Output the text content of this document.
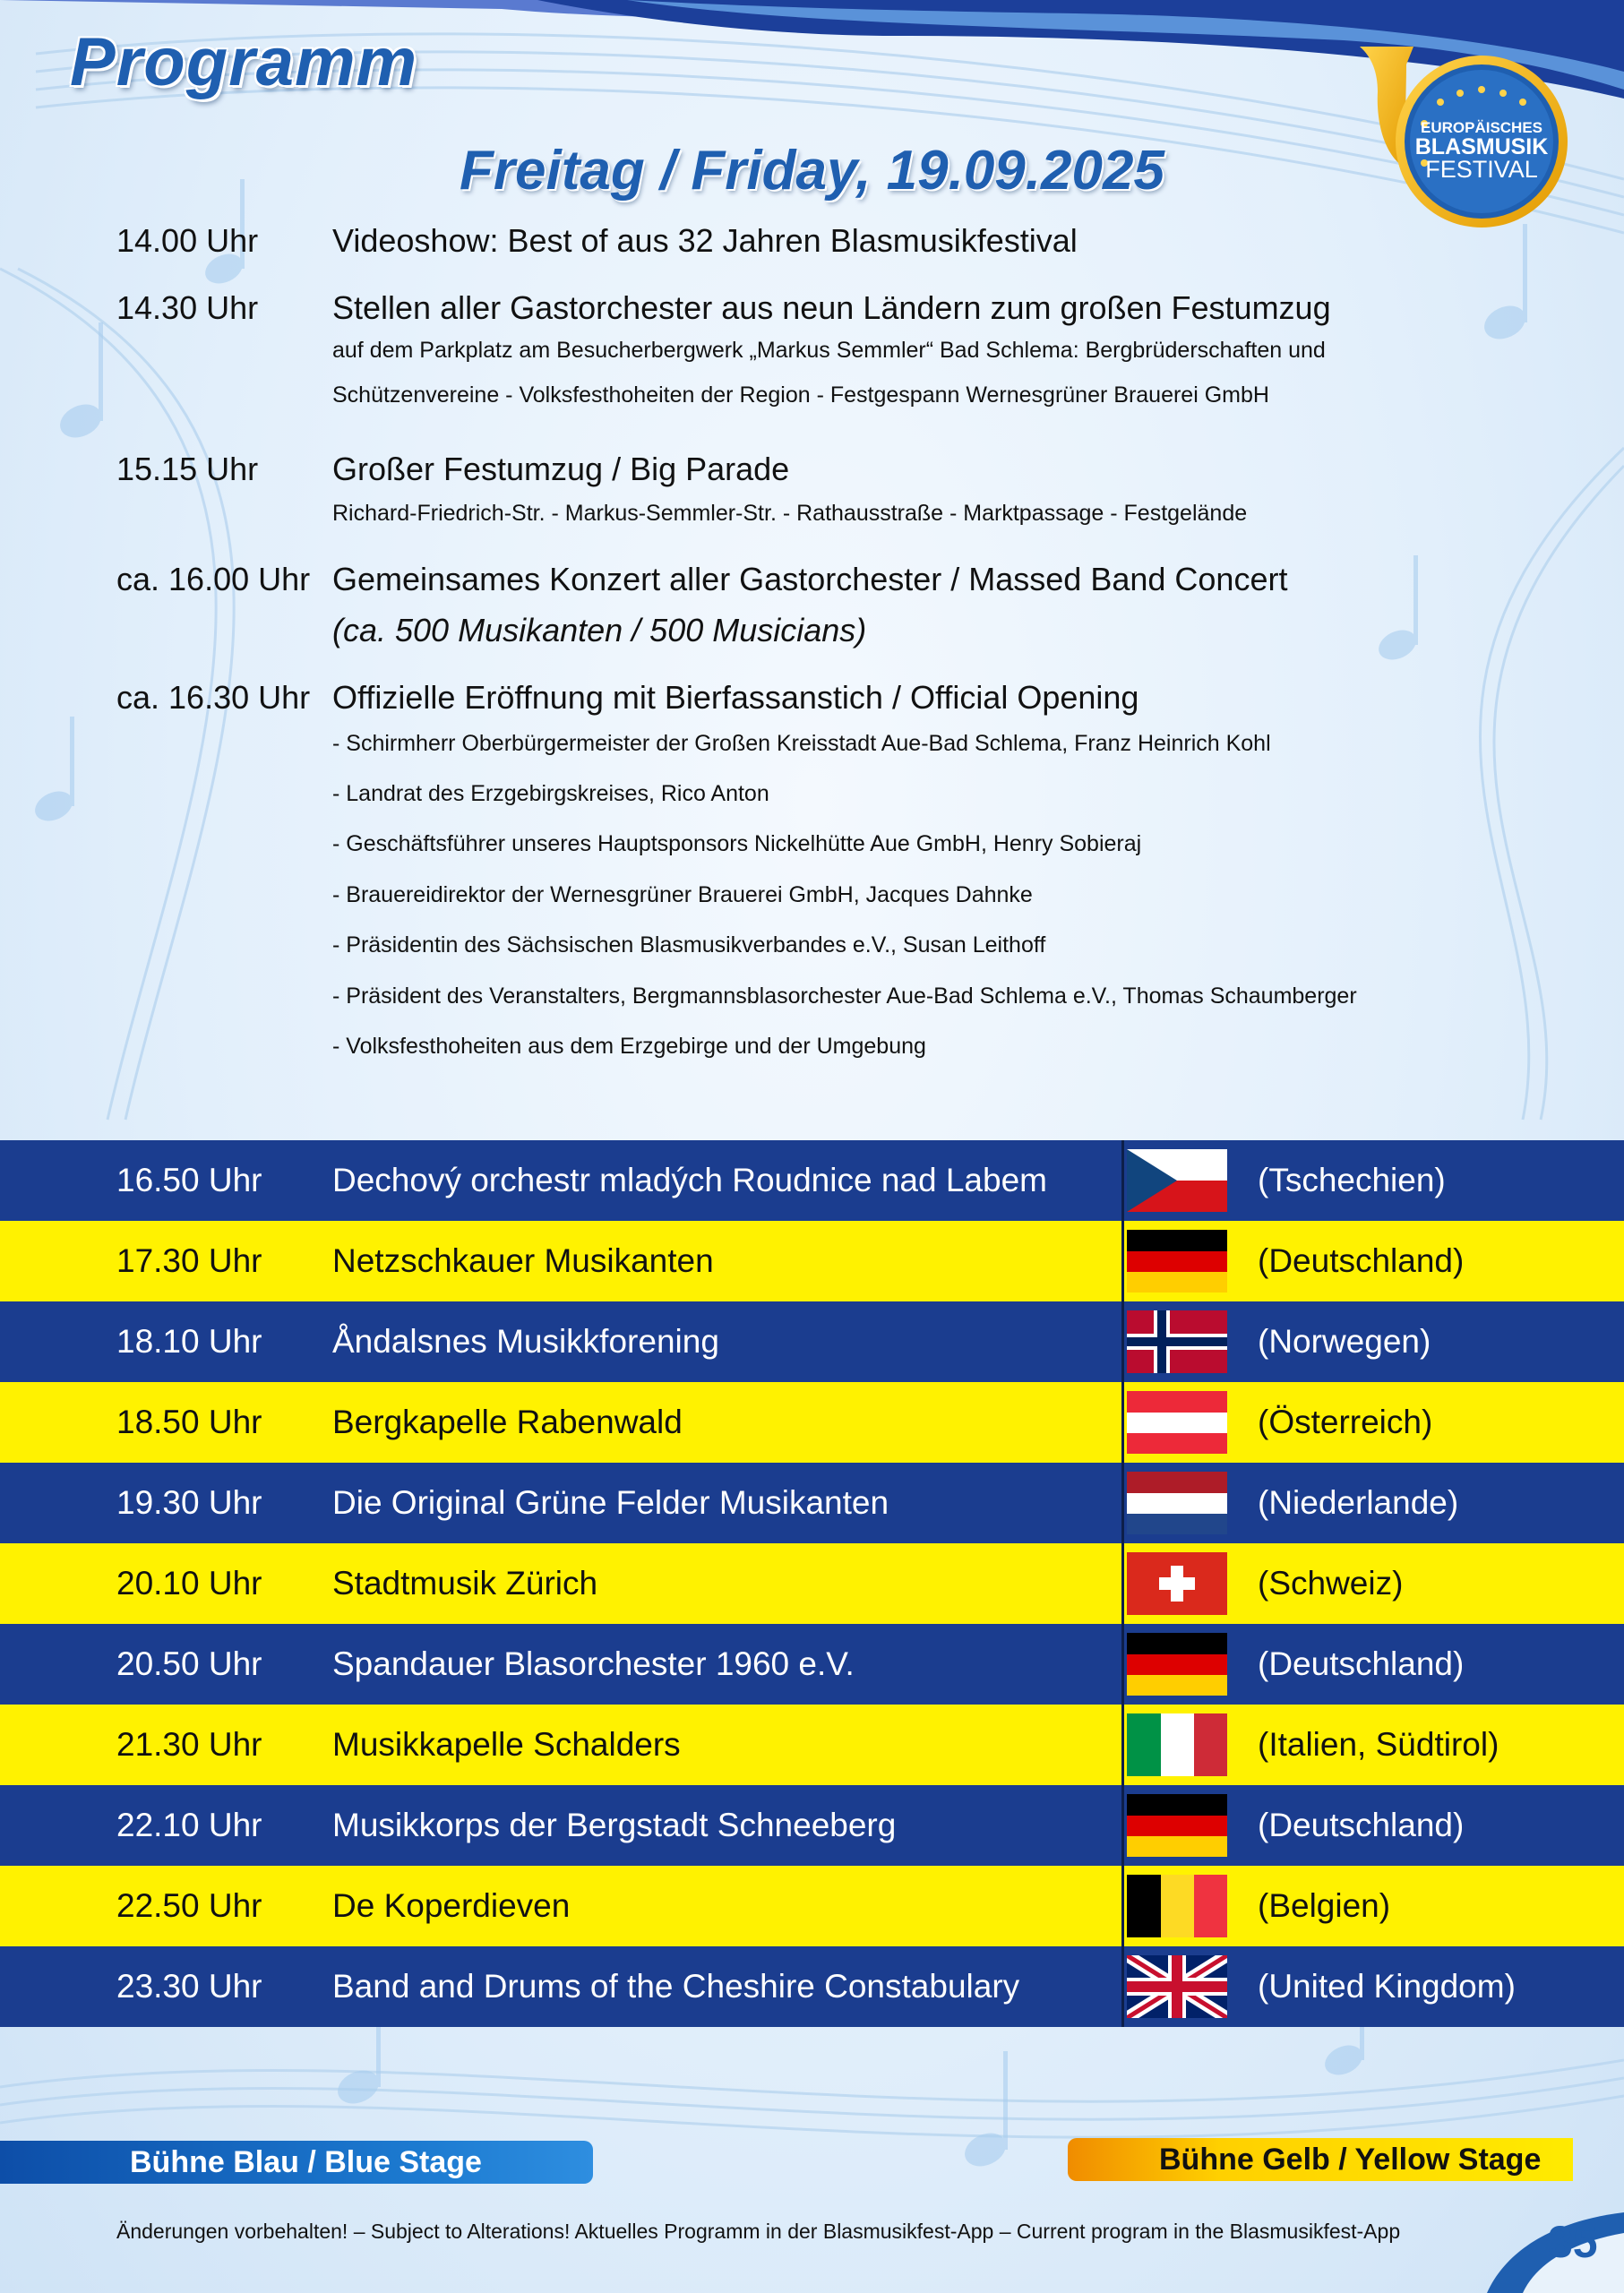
Programm
EUROPÄISCHES
BLASMUSIK
FESTIVAL
Freitag / Friday, 19.09.2025
14.00 Uhr Videoshow: Best of aus 32 Jahren Blasmusikfestival
14.30 Uhr Stellen aller Gastorchester aus neun Ländern zum großen Festumzug
auf dem Parkplatz am Besucherbergwerk „Markus Semmler“ Bad Schlema: Bergbrüderschaften und
Schützenvereine - Volksfesthoheiten der Region - Festgespann Wernesgrüner Brauerei GmbH
15.15 Uhr Großer Festumzug / Big Parade
Richard-Friedrich-Str. - Markus-Semmler-Str. - Rathausstraße - Marktpassage - Festgelände
ca. 16.00 Uhr Gemeinsames Konzert aller Gastorchester / Massed Band Concert
(ca. 500 Musikanten / 500 Musicians)
ca. 16.30 Uhr Offizielle Eröffnung mit Bierfassanstich / Official Opening
- Schirmherr Oberbürgermeister der Großen Kreisstadt Aue-Bad Schlema, Franz Heinrich Kohl
- Landrat des Erzgebirgskreises, Rico Anton
- Geschäftsführer unseres Hauptsponsors Nickelhütte Aue GmbH, Henry Sobieraj
- Brauereidirektor der Wernesgrüner Brauerei GmbH, Jacques Dahnke
- Präsidentin des Sächsischen Blasmusikverbandes e.V., Susan Leithoff
- Präsident des Veranstalters, Bergmannsblasorchester Aue-Bad Schlema e.V., Thomas Schaumberger
- Volksfesthoheiten aus dem Erzgebirge und der Umgebung
16.50 Uhr Dechový orchestr mladých Roudnice nad Labem	(Tschechien)
17.30 Uhr Netzschkauer Musikanten	(Deutschland)
18.10 Uhr Åndalsnes Musikkforening	(Norwegen)
18.50 Uhr Bergkapelle Rabenwald	(Österreich)
19.30 Uhr Die Original Grüne Felder Musikanten	(Niederlande)
20.10 Uhr Stadtmusik Zürich	(Schweiz)
20.50 Uhr Spandauer Blasorchester 1960 e.V.	(Deutschland)
21.30 Uhr Musikkapelle Schalders	(Italien, Südtirol)
22.10 Uhr Musikkorps der Bergstadt Schneeberg	(Deutschland)
22.50 Uhr De Koperdieven	(Belgien)
23.30 Uhr Band and Drums of the Cheshire Constabulary	(United Kingdom)
Bühne Blau / Blue Stage	Bühne Gelb / Yellow Stage
Änderungen vorbehalten! – Subject to Alterations! Aktuelles Programm in der Blasmusikfest-App – Current program in the Blasmusikfest-App	35
